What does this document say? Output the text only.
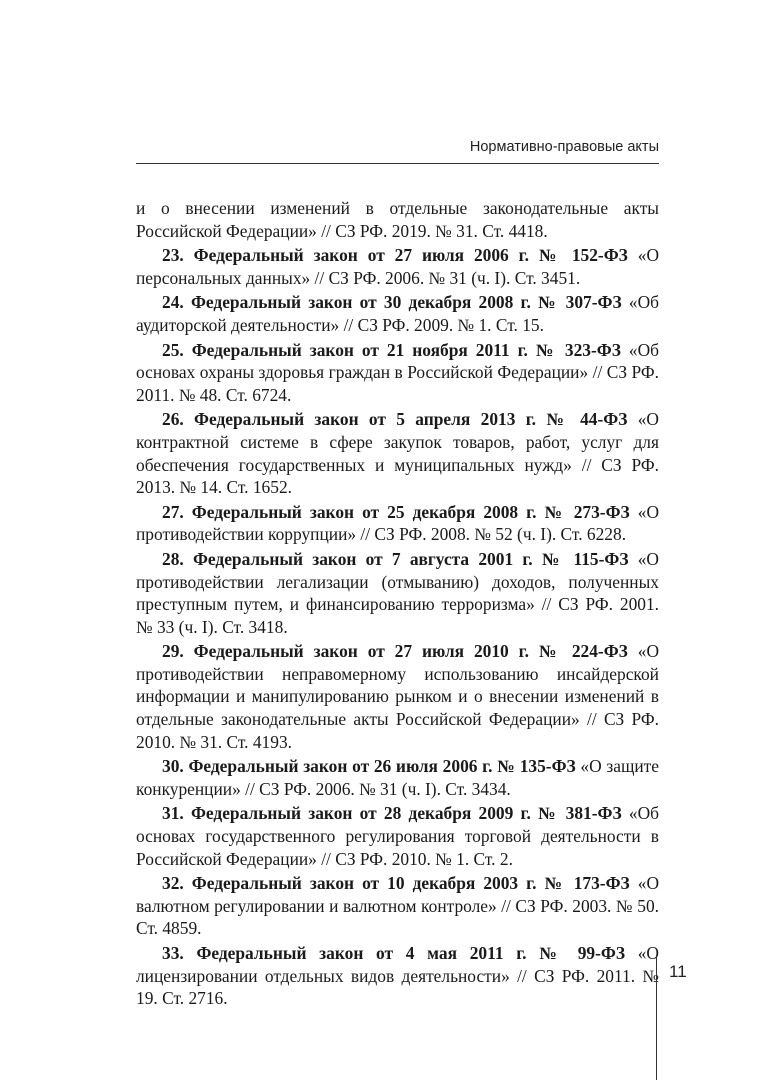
Нормативно-правовые акты

и о внесении изменений в отдельные законодательные акты Российской Федерации» // СЗ РФ. 2019. № 31. Ст. 4418.

23. Федеральный закон от 27 июля 2006 г. № 152-ФЗ «О персональных данных» // СЗ РФ. 2006. № 31 (ч. I). Ст. 3451.

24. Федеральный закон от 30 декабря 2008 г. № 307-ФЗ «Об аудиторской деятельности» // СЗ РФ. 2009. № 1. Ст. 15.

25. Федеральный закон от 21 ноября 2011 г. № 323-ФЗ «Об основах охраны здоровья граждан в Российской Федерации» // СЗ РФ. 2011. № 48. Ст. 6724.

26. Федеральный закон от 5 апреля 2013 г. № 44-ФЗ «О контрактной системе в сфере закупок товаров, работ, услуг для обеспечения государственных и муниципальных нужд» // СЗ РФ. 2013. № 14. Ст. 1652.

27. Федеральный закон от 25 декабря 2008 г. № 273-ФЗ «О противодействии коррупции» // СЗ РФ. 2008. № 52 (ч. I). Ст. 6228.

28. Федеральный закон от 7 августа 2001 г. № 115-ФЗ «О противодействии легализации (отмыванию) доходов, полученных преступным путем, и финансированию терроризма» // СЗ РФ. 2001. № 33 (ч. I). Ст. 3418.

29. Федеральный закон от 27 июля 2010 г. № 224-ФЗ «О противодействии неправомерному использованию инсайдерской информации и манипулированию рынком и о внесении изменений в отдельные законодательные акты Российской Федерации» // СЗ РФ. 2010. № 31. Ст. 4193.

30. Федеральный закон от 26 июля 2006 г. № 135-ФЗ «О защите конкуренции» // СЗ РФ. 2006. № 31 (ч. I). Ст. 3434.

31. Федеральный закон от 28 декабря 2009 г. № 381-ФЗ «Об основах государственного регулирования торговой деятельности в Российской Федерации» // СЗ РФ. 2010. № 1. Ст. 2.

32. Федеральный закон от 10 декабря 2003 г. № 173-ФЗ «О валютном регулировании и валютном контроле» // СЗ РФ. 2003. № 50. Ст. 4859.

33. Федеральный закон от 4 мая 2011 г. № 99-ФЗ «О лицензировании отдельных видов деятельности» // СЗ РФ. 2011. № 19. Ст. 2716.

11
